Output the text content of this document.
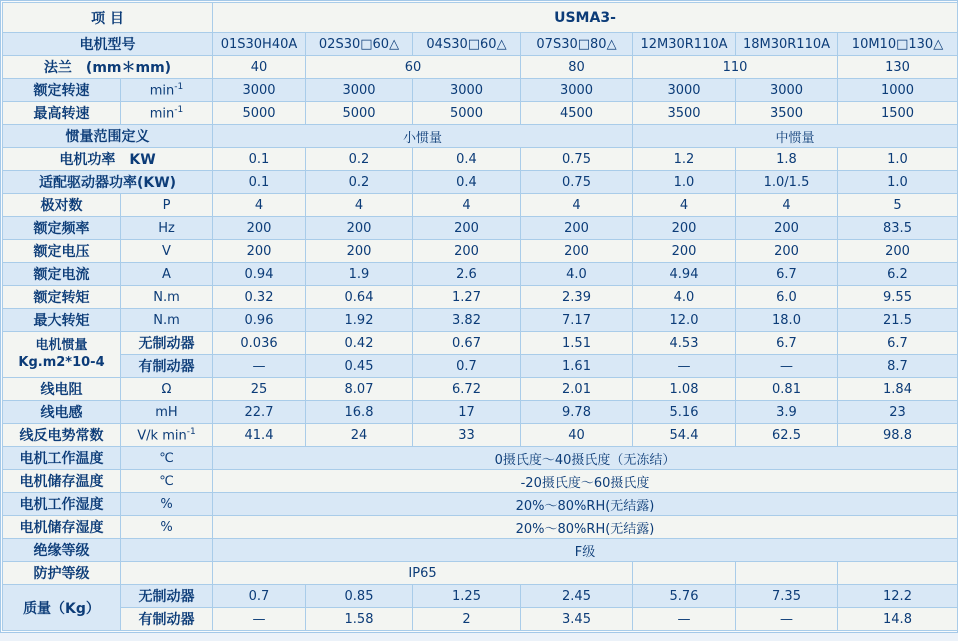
项 目		USMA3-						
电机型号		01S30H40A	02S30□60△	04S30□60△	07S30□80△	12M30R110A	18M30R110A	10M10□130△
法兰　(mm＊mm)		40	60		80	110		130
额定转速	$\min^{-1}$	3000	3000	3000	3000	3000	3000	1000
最高转速	$\min^{-1}$	5000	5000	5000	4500	3500	3500	1500
惯量范围定义		小惯量				中惯量		
电机功率　KW		0.1	0.2	0.4	0.75	1.2	1.8	1.0
适配驱动器功率(KW)		0.1	0.2	0.4	0.75	1.0	1.0/1.5	1.0
极对数	P	4	4	4	4	4	4	5
额定频率	Hz	200	200	200	200	200	200	83.5
额定电压	V	200	200	200	200	200	200	200
额定电流	A	0.94	1.9	2.6	4.0	4.94	6.7	6.2
额定转矩	N.m	0.32	0.64	1.27	2.39	4.0	6.0	9.55
最大转矩	N.m	0.96	1.92	3.82	7.17	12.0	18.0	21.5
电机惯量
Kg.m2*10-4	无制动器	0.036	0.42	0.67	1.51	4.53	6.7	6.7
	有制动器	—	0.45	0.7	1.61	—	—	8.7
线电阻	Ω	25	8.07	6.72	2.01	1.08	0.81	1.84
线电感	mH	22.7	16.8	17	9.78	5.16	3.9	23
线反电势常数	V/k $\min^{-1}$	41.4	24	33	40	54.4	62.5	98.8
电机工作温度	℃	0摄氏度～40摄氏度（无冻结）						
电机储存温度	℃	-20摄氏度～60摄氏度						
电机工作湿度	%	20%～80%RH(无结露)						
电机储存湿度	%	20%～80%RH(无结露)						
绝缘等级		F级						
防护等级		IP65						
质量（Kg）	无制动器	0.7	0.85	1.25	2.45	5.76	7.35	12.2
	有制动器	—	1.58	2	3.45	—	—	14.8
